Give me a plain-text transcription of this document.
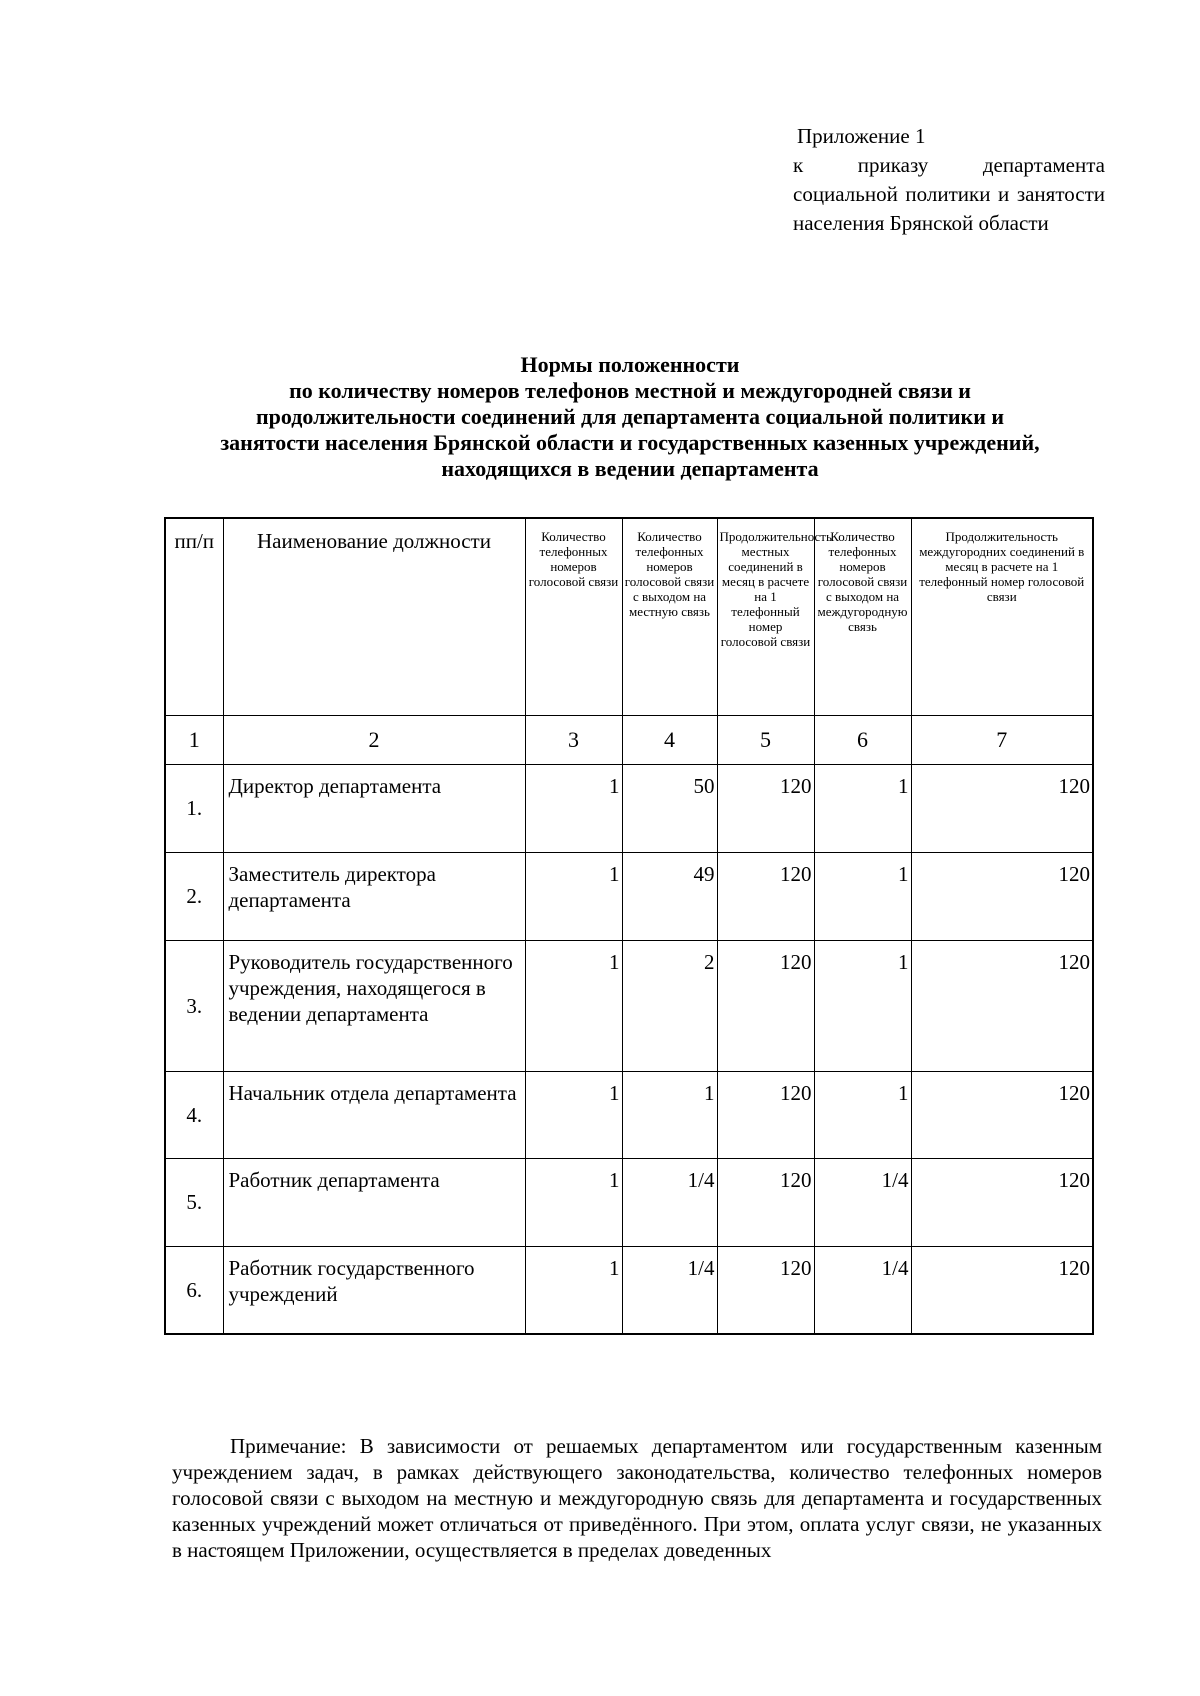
Приложение 1
к приказу департамента социальной политики и занятости населения Брянской области
Нормы положенности
по количеству номеров телефонов местной и междугородней связи и
продолжительности соединений для департамента социальной политики и
занятости населения Брянской области и государственных казенных учреждений,
находящихся в ведении департамента
пп/п	Наименование должности	Количество телефонных номеров голосовой связи	Количество телефонных номеров голосовой связи с выходом на местную связь	Продолжительность местных соединений в месяц в расчете на 1 телефонный номер голосовой связи	Количество телефонных номеров голосовой связи с выходом на междугородную связь	Продолжительность междугородних соединений в месяц в расчете на 1 телефонный номер голосовой связи
1	2	3	4	5	6	7
1.	Директор департамента	1	50	120	1	120
2.	Заместитель директора департамента	1	49	120	1	120
3.	Руководитель государственного учреждения, находящегося в ведении департамента	1	2	120	1	120
4.	Начальник отдела департамента	1	1	120	1	120
5.	Работник департамента	1	1/4	120	1/4	120
6.	Работник государственного учреждений	1	1/4	120	1/4	120

Примечание: В зависимости от решаемых департаментом или государственным казенным учреждением задач, в рамках действующего законодательства, количество телефонных номеров голосовой связи с выходом на местную и междугородную связь для департамента и государственных казенных учреждений может отличаться от приведённого. При этом, оплата услуг связи, не указанных в настоящем Приложении, осуществляется в пределах доведенных
